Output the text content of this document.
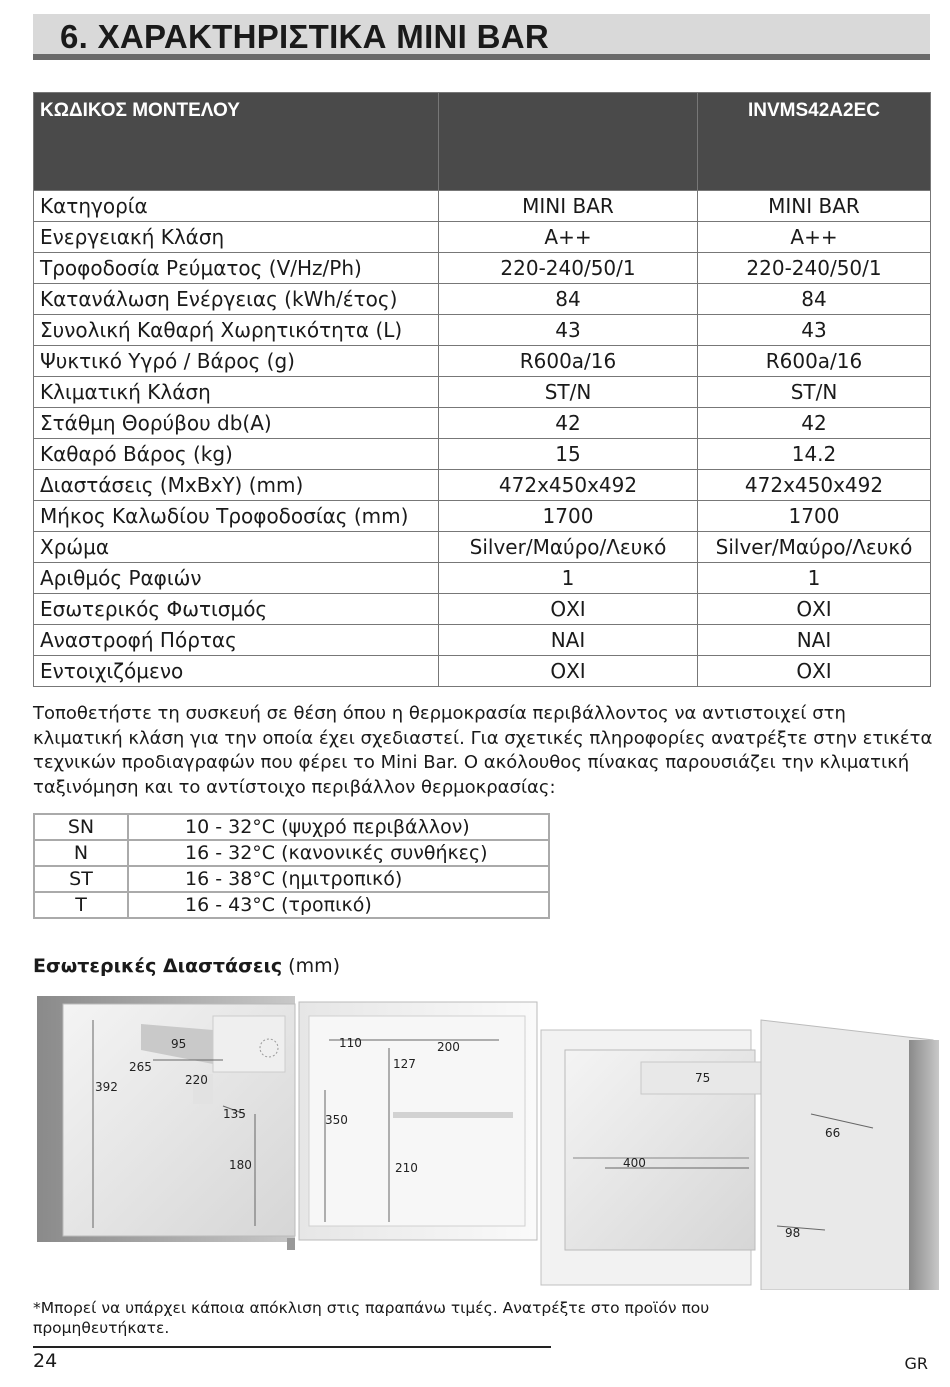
6. ΧΑΡΑΚΤΗΡΙΣΤΙΚΑ MINI BAR
ΚΩΔΙΚΟΣ ΜΟΝΤΕΛΟΥ		INVMS42A2EC
Κατηγορία	MINI BAR	MINI BAR
Ενεργειακή Κλάση	A++	A++
Τροφοδοσία Ρεύματος (V/Hz/Ph)	220-240/50/1	220-240/50/1
Κατανάλωση Ενέργειας (kWh/έτος)	84	84
Συνολική Καθαρή Χωρητικότητα (L)	43	43
Ψυκτικό Υγρό / Βάρος (g)	R600a/16	R600a/16
Κλιματική Κλάση	ST/N	ST/N
Στάθμη Θορύβου db(A)	42	42
Καθαρό Βάρος (kg)	15	14.2
Διαστάσεις (ΜxΒxΥ) (mm)	472x450x492	472x450x492
Μήκος Καλωδίου Τροφοδοσίας (mm)	1700	1700
Χρώμα	Silver/Μαύρο/Λευκό	Silver/Μαύρο/Λευκό
Αριθμός Ραφιών	1	1
Εσωτερικός Φωτισμός	ΟΧΙ	ΟΧΙ
Αναστροφή Πόρτας	ΝΑΙ	ΝΑΙ
Εντοιχιζόμενο	ΟΧΙ	ΟΧΙ

Τοποθετήστε τη συσκευή σε θέση όπου η θερμοκρασία περιβάλλοντος να αντιστοιχεί στη κλιματική κλάση για την οποία έχει σχεδιαστεί. Για σχετικές πληροφορίες ανατρέξτε στην ετικέτα τεχνικών προδιαγραφών που φέρει το Mini Bar. Ο ακόλουθος πίνακας παρουσιάζει την κλιματική ταξινόμηση και το αντίστοιχο περιβάλλον θερμοκρασίας:

SN	10 - 32°C (ψυχρό περιβάλλον)
N	16 - 32°C (κανονικές συνθήκες)
ST	16 - 38°C (ημιτροπικό)
T	16 - 43°C (τροπικό)

Εσωτερικές Διαστάσεις (mm)

95
265
220
392
135
180
110	200
127
350
210
75
66
400
98

*Μπορεί να υπάρχει κάποια απόκλιση στις παραπάνω τιμές. Ανατρέξτε στο προϊόν που προμηθευτήκατε.

24	GR
